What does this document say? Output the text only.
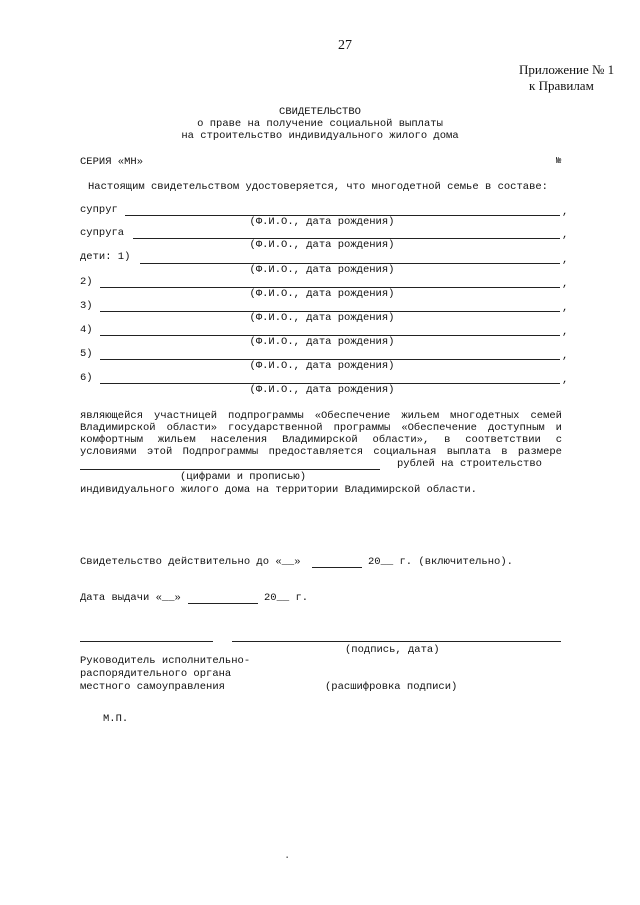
27
Приложение № 1
к Правилам
СВИДЕТЕЛЬСТВО
о праве на получение социальной выплаты
на строительство индивидуального жилого дома
СЕРИЯ «МН»	№
Настоящим свидетельством удостоверяется, что многодетной семье в составе:
супруг	,
(Ф.И.О., дата рождения)
супруга	,
(Ф.И.О., дата рождения)
дети: 1)	,
(Ф.И.О., дата рождения)
2)	,
(Ф.И.О., дата рождения)
3)	,
(Ф.И.О., дата рождения)
4)	,
(Ф.И.О., дата рождения)
5)	,
(Ф.И.О., дата рождения)
6)	,
(Ф.И.О., дата рождения)
являющейся участницей подпрограммы «Обеспечение жильем многодетных семей
Владимирской области» государственной программы «Обеспечение доступным и
комфортным жильем населения Владимирской области», в соответствии с
условиями этой Подпрограммы предоставляется социальная выплата в размере
рублей на строительство
(цифрами и прописью)
индивидуального жилого дома на территории Владимирской области.
Свидетельство действительно до «__»	20__ г. (включительно).
Дата выдачи «__»	20__ г.
(подпись, дата)
Руководитель исполнительно-
распорядительного органа
местного самоуправления	(расшифровка подписи)
М.П.
.
